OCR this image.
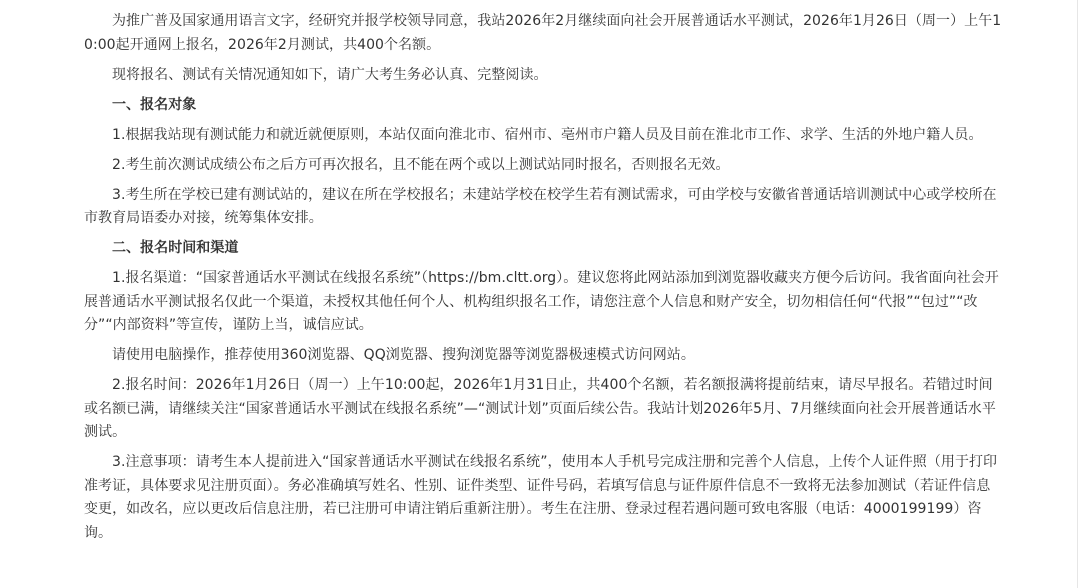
为推广普及国家通用语言文字，经研究并报学校领导同意，我站2026年2月继续面向社会开展普通话水平测试，2026年1月26日（周一）上午10:00起开通网上报名，2026年2月测试，共400个名额。

现将报名、测试有关情况通知如下，请广大考生务必认真、完整阅读。

一、报名对象

1.根据我站现有测试能力和就近就便原则，本站仅面向淮北市、宿州市、亳州市户籍人员及目前在淮北市工作、求学、生活的外地户籍人员。

2.考生前次测试成绩公布之后方可再次报名，且不能在两个或以上测试站同时报名，否则报名无效。

3.考生所在学校已建有测试站的，建议在所在学校报名；未建站学校在校学生若有测试需求，可由学校与安徽省普通话培训测试中心或学校所在市教育局语委办对接，统筹集体安排。

二、报名时间和渠道

1.报名渠道：“国家普通话水平测试在线报名系统”（https://bm.cltt.org）。建议您将此网站添加到浏览器收藏夹方便今后访问。我省面向社会开展普通话水平测试报名仅此一个渠道，未授权其他任何个人、机构组织报名工作，请您注意个人信息和财产安全，切勿相信任何“代报”“包过”“改分”“内部资料”等宣传，谨防上当，诚信应试。

请使用电脑操作，推荐使用360浏览器、QQ浏览器、搜狗浏览器等浏览器极速模式访问网站。

2.报名时间：2026年1月26日（周一）上午10:00起，2026年1月31日止，共400个名额，若名额报满将提前结束，请尽早报名。若错过时间或名额已满，请继续关注“国家普通话水平测试在线报名系统”—“测试计划”页面后续公告。我站计划2026年5月、7月继续面向社会开展普通话水平测试。

3.注意事项：请考生本人提前进入“国家普通话水平测试在线报名系统”，使用本人手机号完成注册和完善个人信息，上传个人证件照（用于打印准考证，具体要求见注册页面）。务必准确填写姓名、性别、证件类型、证件号码，若填写信息与证件原件信息不一致将无法参加测试（若证件信息变更，如改名，应以更改后信息注册，若已注册可申请注销后重新注册）。考生在注册、登录过程若遇问题可致电客服（电话：4000199199）咨询。
